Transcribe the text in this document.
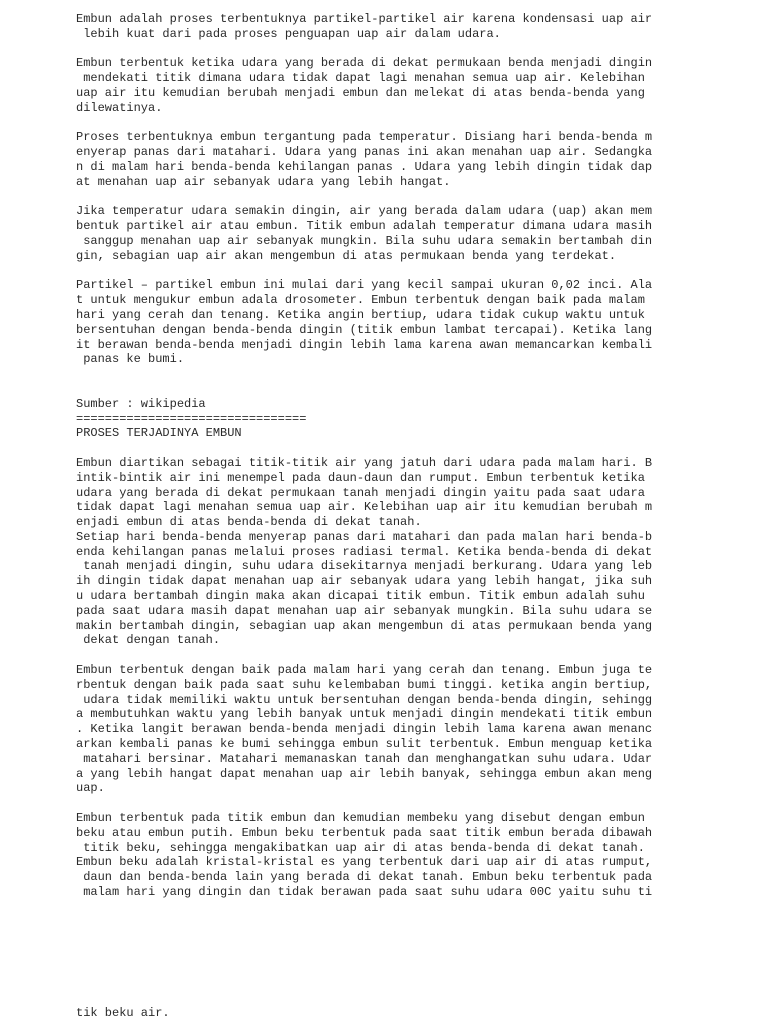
Embun adalah proses terbentuknya partikel-partikel air karena kondensasi uap air
lebih kuat dari pada proses penguapan uap air dalam udara.
Embun terbentuk ketika udara yang berada di dekat permukaan benda menjadi dingin
mendekati titik dimana udara tidak dapat lagi menahan semua uap air. Kelebihan
uap air itu kemudian berubah menjadi embun dan melekat di atas benda-benda yang
dilewatinya.
Proses terbentuknya embun tergantung pada temperatur. Disiang hari benda-benda m
enyerap panas dari matahari. Udara yang panas ini akan menahan uap air. Sedangka
n di malam hari benda-benda kehilangan panas . Udara yang lebih dingin tidak dap
at menahan uap air sebanyak udara yang lebih hangat.
Jika temperatur udara semakin dingin, air yang berada dalam udara (uap) akan mem
bentuk partikel air atau embun. Titik embun adalah temperatur dimana udara masih
sanggup menahan uap air sebanyak mungkin. Bila suhu udara semakin bertambah din
gin, sebagian uap air akan mengembun di atas permukaan benda yang terdekat.
Partikel – partikel embun ini mulai dari yang kecil sampai ukuran 0,02 inci. Ala
t untuk mengukur embun adala drosometer. Embun terbentuk dengan baik pada malam
hari yang cerah dan tenang. Ketika angin bertiup, udara tidak cukup waktu untuk
bersentuhan dengan benda-benda dingin (titik embun lambat tercapai). Ketika lang
it berawan benda-benda menjadi dingin lebih lama karena awan memancarkan kembali
panas ke bumi.
Sumber : wikipedia
================================
PROSES TERJADINYA EMBUN
Embun diartikan sebagai titik-titik air yang jatuh dari udara pada malam hari. B
intik-bintik air ini menempel pada daun-daun dan rumput. Embun terbentuk ketika
udara yang berada di dekat permukaan tanah menjadi dingin yaitu pada saat udara
tidak dapat lagi menahan semua uap air. Kelebihan uap air itu kemudian berubah m
enjadi embun di atas benda-benda di dekat tanah.
Setiap hari benda-benda menyerap panas dari matahari dan pada malan hari benda-b
enda kehilangan panas melalui proses radiasi termal. Ketika benda-benda di dekat
tanah menjadi dingin, suhu udara disekitarnya menjadi berkurang. Udara yang leb
ih dingin tidak dapat menahan uap air sebanyak udara yang lebih hangat, jika suh
u udara bertambah dingin maka akan dicapai titik embun. Titik embun adalah suhu
pada saat udara masih dapat menahan uap air sebanyak mungkin. Bila suhu udara se
makin bertambah dingin, sebagian uap akan mengembun di atas permukaan benda yang
dekat dengan tanah.
Embun terbentuk dengan baik pada malam hari yang cerah dan tenang. Embun juga te
rbentuk dengan baik pada saat suhu kelembaban bumi tinggi. ketika angin bertiup,
udara tidak memiliki waktu untuk bersentuhan dengan benda-benda dingin, sehingg
a membutuhkan waktu yang lebih banyak untuk menjadi dingin mendekati titik embun
. Ketika langit berawan benda-benda menjadi dingin lebih lama karena awan menanc
arkan kembali panas ke bumi sehingga embun sulit terbentuk. Embun menguap ketika
matahari bersinar. Matahari memanaskan tanah dan menghangatkan suhu udara. Udar
a yang lebih hangat dapat menahan uap air lebih banyak, sehingga embun akan meng
uap.
Embun terbentuk pada titik embun dan kemudian membeku yang disebut dengan embun
beku atau embun putih. Embun beku terbentuk pada saat titik embun berada dibawah
titik beku, sehingga mengakibatkan uap air di atas benda-benda di dekat tanah.
Embun beku adalah kristal-kristal es yang terbentuk dari uap air di atas rumput,
daun dan benda-benda lain yang berada di dekat tanah. Embun beku terbentuk pada
malam hari yang dingin dan tidak berawan pada saat suhu udara 00C yaitu suhu ti
tik beku air.
